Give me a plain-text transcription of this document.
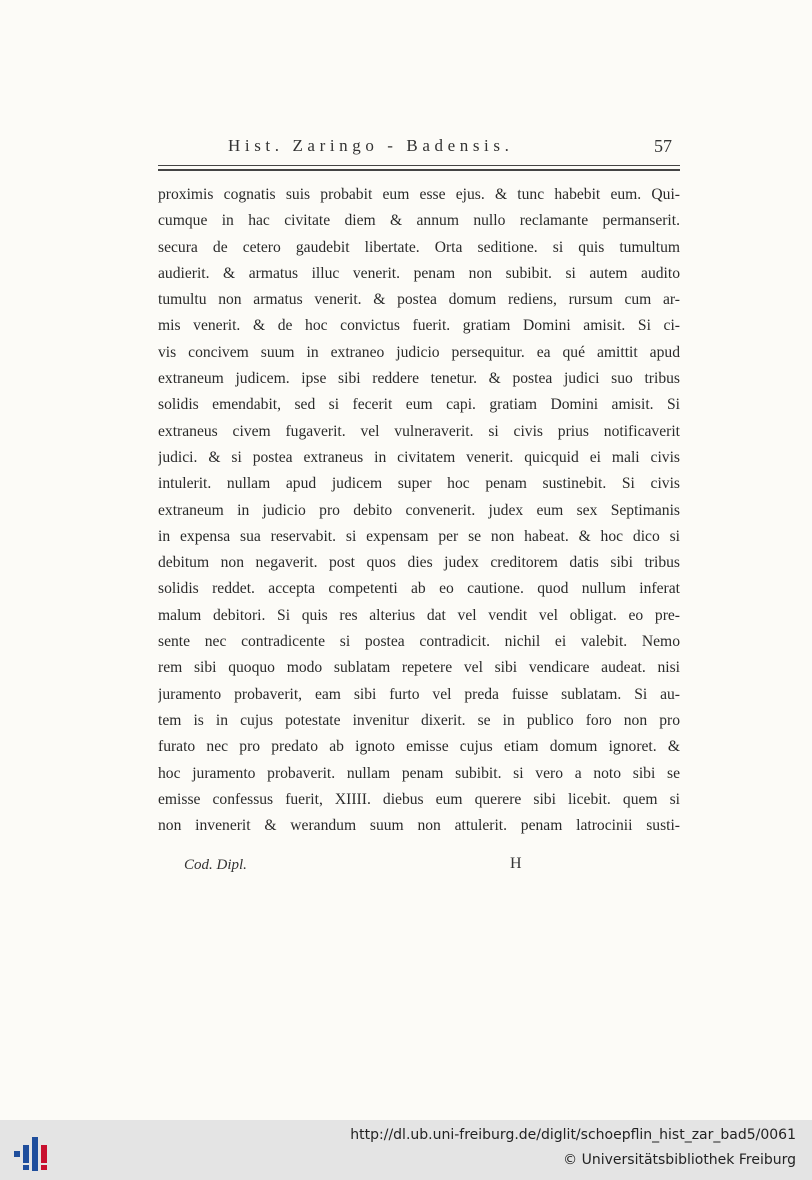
Hist. Zaringo - Badensis.	57
proximis cognatis suis probabit eum esse ejus. & tunc habebit eum. Qui-
cumque in hac civitate diem & annum nullo reclamante permanserit.
secura de cetero gaudebit libertate. Orta seditione. si quis tumultum
audierit. & armatus illuc venerit. penam non subibit. si autem audito
tumultu non armatus venerit. & postea domum rediens, rursum cum ar-
mis venerit. & de hoc convictus fuerit. gratiam Domini amisit. Si ci-
vis concivem suum in extraneo judicio persequitur. ea qué amittit apud
extraneum judicem. ipse sibi reddere tenetur. & postea judici suo tribus
solidis emendabit, sed si fecerit eum capi. gratiam Domini amisit. Si
extraneus civem fugaverit. vel vulneraverit. si civis prius notificaverit
judici. & si postea extraneus in civitatem venerit. quicquid ei mali civis
intulerit. nullam apud judicem super hoc penam sustinebit. Si civis
extraneum in judicio pro debito convenerit. judex eum sex Septimanis
in expensa sua reservabit. si expensam per se non habeat. & hoc dico si
debitum non negaverit. post quos dies judex creditorem datis sibi tribus
solidis reddet. accepta competenti ab eo cautione. quod nullum inferat
malum debitori. Si quis res alterius dat vel vendit vel obligat. eo pre-
sente nec contradicente si postea contradicit. nichil ei valebit. Nemo
rem sibi quoquo modo sublatam repetere vel sibi vendicare audeat. nisi
juramento probaverit, eam sibi furto vel preda fuisse sublatam. Si au-
tem is in cujus potestate invenitur dixerit. se in publico foro non pro
furato nec pro predato ab ignoto emisse cujus etiam domum ignoret. &
hoc juramento probaverit. nullam penam subibit. si vero a noto sibi se
emisse confessus fuerit, XIIII. diebus eum querere sibi licebit. quem si
non invenerit & werandum suum non attulerit. penam latrocinii susti-
Cod. Dipl.	H
http://dl.ub.uni-freiburg.de/diglit/schoepflin_hist_zar_bad5/0061
© Universitätsbibliothek Freiburg
